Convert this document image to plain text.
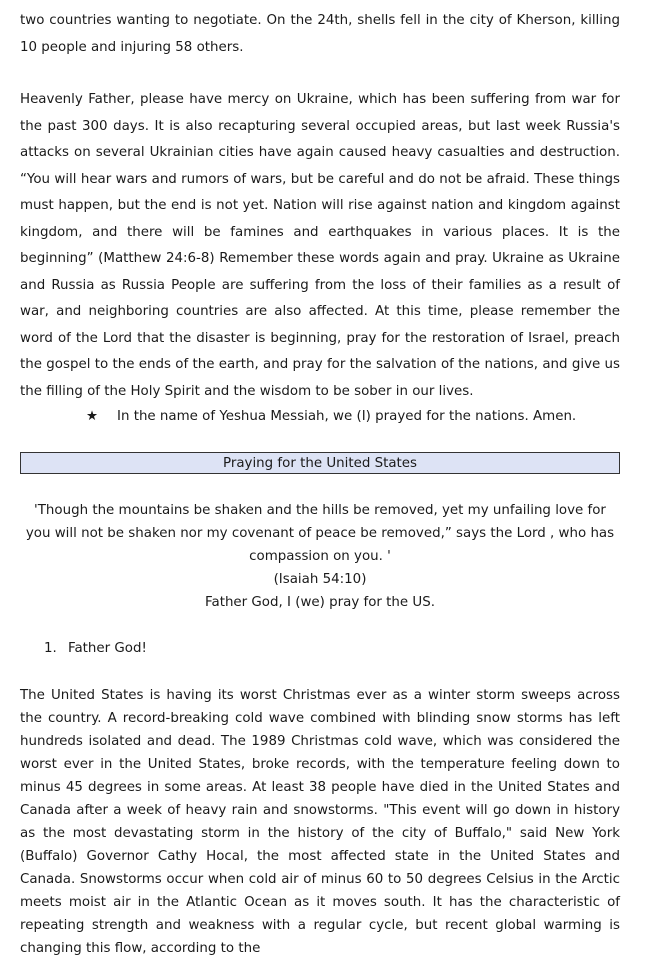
two countries wanting to negotiate. On the 24th, shells fell in the city of Kherson, killing 10 people and injuring 58 others.

Heavenly Father, please have mercy on Ukraine, which has been suffering from war for the past 300 days. It is also recapturing several occupied areas, but last week Russia's attacks on several Ukrainian cities have again caused heavy casualties and destruction. “You will hear wars and rumors of wars, but be careful and do not be afraid. These things must happen, but the end is not yet. Nation will rise against nation and kingdom against kingdom, and there will be famines and earthquakes in various places. It is the beginning” (Matthew 24:6-8) Remember these words again and pray. Ukraine as Ukraine and Russia as Russia People are suffering from the loss of their families as a result of war, and neighboring countries are also affected. At this time, please remember the word of the Lord that the disaster is beginning, pray for the restoration of Israel, preach the gospel to the ends of the earth, and pray for the salvation of the nations, and give us the filling of the Holy Spirit and the wisdom to be sober in our lives.

★ In the name of Yeshua Messiah, we (I) prayed for the nations. Amen.
Praying for the United States
'Though the mountains be shaken and the hills be removed, yet my unfailing love for you will not be shaken nor my covenant of peace be removed,” says the Lord , who has compassion on you. '
(Isaiah 54:10)
Father God, I (we) pray for the US.
1. Father God!

The United States is having its worst Christmas ever as a winter storm sweeps across the country. A record-breaking cold wave combined with blinding snow storms has left hundreds isolated and dead. The 1989 Christmas cold wave, which was considered the worst ever in the United States, broke records, with the temperature feeling down to minus 45 degrees in some areas. At least 38 people have died in the United States and Canada after a week of heavy rain and snowstorms. "This event will go down in history as the most devastating storm in the history of the city of Buffalo," said New York (Buffalo) Governor Cathy Hocal, the most affected state in the United States and Canada. Snowstorms occur when cold air of minus 60 to 50 degrees Celsius in the Arctic meets moist air in the Atlantic Ocean as it moves south. It has the characteristic of repeating strength and weakness with a regular cycle, but recent global warming is changing this flow, according to the
